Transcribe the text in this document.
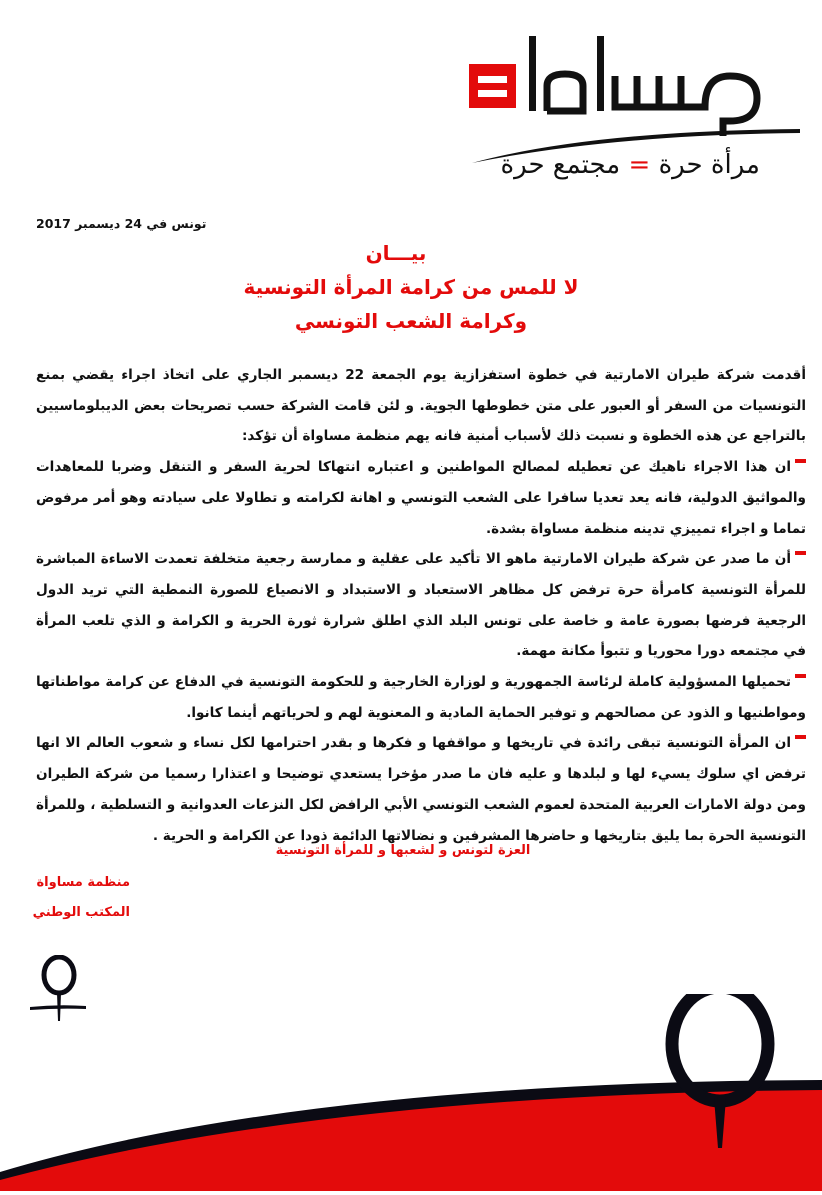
مرأة حرة = مجتمع حرة
تونس في 24 ديسمبر 2017
بيـــان
لا للمس من كرامة المرأة التونسية
وكرامة الشعب التونسي

أقدمت شركة طيران الامارتية في خطوة استفزازية يوم الجمعة 22 ديسمبر الجاري على اتخاذ اجراء يقضي بمنع التونسيات من السفر أو العبور على متن خطوطها الجوية. و لئن قامت الشركة حسب تصريحات بعض الديبلوماسيين بالتراجع عن هذه الخطوة و نسبت ذلك لأسباب أمنية فانه يهم منظمة مساواة أن تؤكد:

ان هذا الاجراء ناهيك عن تعطيله لمصالح المواطنين و اعتباره انتهاكا لحرية السفر و التنقل وضربا للمعاهدات والمواثيق الدولية، فانه يعد تعديا سافرا على الشعب التونسي و اهانة لكرامته و تطاولا على سيادته وهو أمر مرفوض تماما و اجراء تمييزي تدينه منظمة مساواة بشدة.

أن ما صدر عن شركة طيران الامارتية ماهو الا تأكيد على عقلية و ممارسة رجعية متخلفة تعمدت الاساءة المباشرة للمرأة التونسية كامرأة حرة ترفض كل مظاهر الاستعباد و الاستبداد و الانصياع للصورة النمطية التي تريد الدول الرجعية فرضها بصورة عامة و خاصة على تونس البلد الذي اطلق شرارة ثورة الحرية و الكرامة و الذي تلعب المرأة في مجتمعه دورا محوريا و تتبوأ مكانة مهمة.

تحميلها المسؤولية كاملة لرئاسة الجمهورية و لوزارة الخارجية و للحكومة التونسية في الدفاع عن كرامة مواطناتها ومواطنيها و الذود عن مصالحهم و توفير الحماية المادية و المعنوية لهم و لحرياتهم أينما كانوا.

ان المرأة التونسية تبقى رائدة في تاريخها و مواقفها و فكرها و بقدر احترامها لكل نساء و شعوب العالم الا انها ترفض اي سلوك يسيء لها و لبلدها و عليه فان ما صدر مؤخرا يستعدي توضيحا و اعتذارا رسميا من شركة الطيران ومن دولة الامارات العربية المتحدة لعموم الشعب التونسي الأبي الرافض لكل النزعات العدوانية و التسلطية ، وللمرأة التونسية الحرة بما يليق بتاريخها و حاضرها المشرفين و نضالاتها الدائمة ذودا عن الكرامة و الحرية .

العزة لتونس و لشعبها و للمرأة التونسية
منظمة مساواة
المكتب الوطني
